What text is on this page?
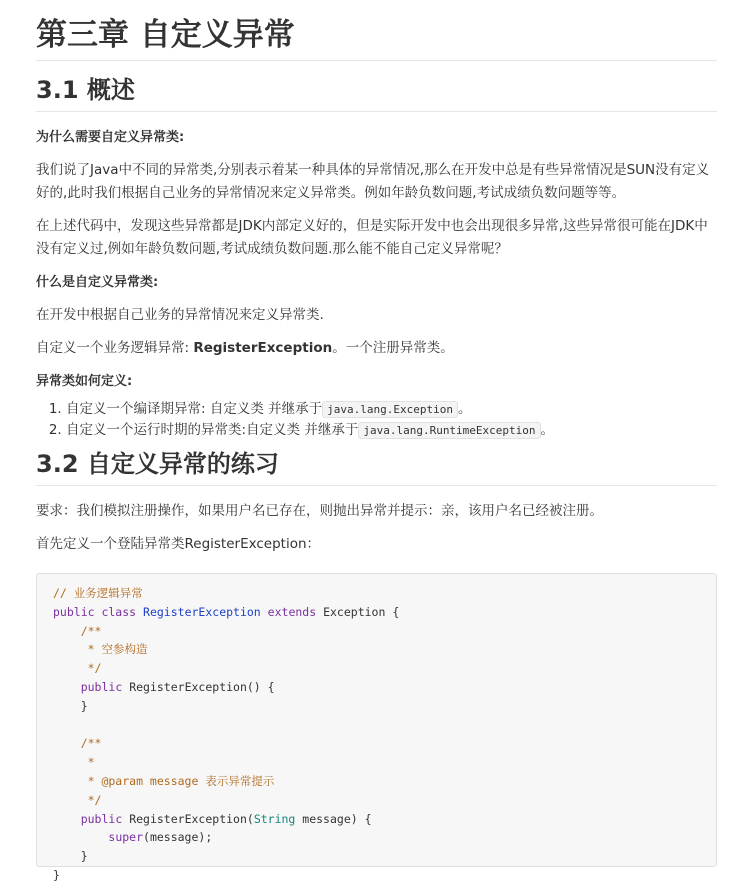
第三章 自定义异常
3.1 概述

为什么需要自定义异常类:

我们说了Java中不同的异常类,分别表示着某一种具体的异常情况,那么在开发中总是有些异常情况是SUN没有定义好的,此时我们根据自己业务的异常情况来定义异常类。例如年龄负数问题,考试成绩负数问题等等。

在上述代码中，发现这些异常都是JDK内部定义好的，但是实际开发中也会出现很多异常,这些异常很可能在JDK中没有定义过,例如年龄负数问题,考试成绩负数问题.那么能不能自己定义异常呢？

什么是自定义异常类:

在开发中根据自己业务的异常情况来定义异常类.

自定义一个业务逻辑异常: RegisterException。一个注册异常类。

异常类如何定义:

1. 自定义一个编译期异常: 自定义类 并继承于 java.lang.Exception 。
2. 自定义一个运行时期的异常类:自定义类 并继承于 java.lang.RuntimeException 。
3.2 自定义异常的练习

要求：我们模拟注册操作，如果用户名已存在，则抛出异常并提示：亲，该用户名已经被注册。

首先定义一个登陆异常类RegisterException：

// 业务逻辑异常
public class RegisterException extends Exception {
/**
* 空参构造
*/
public RegisterException() {
}

/**
*
* @param message 表示异常提示
*/
public RegisterException(String message) {
super(message);
}
}
